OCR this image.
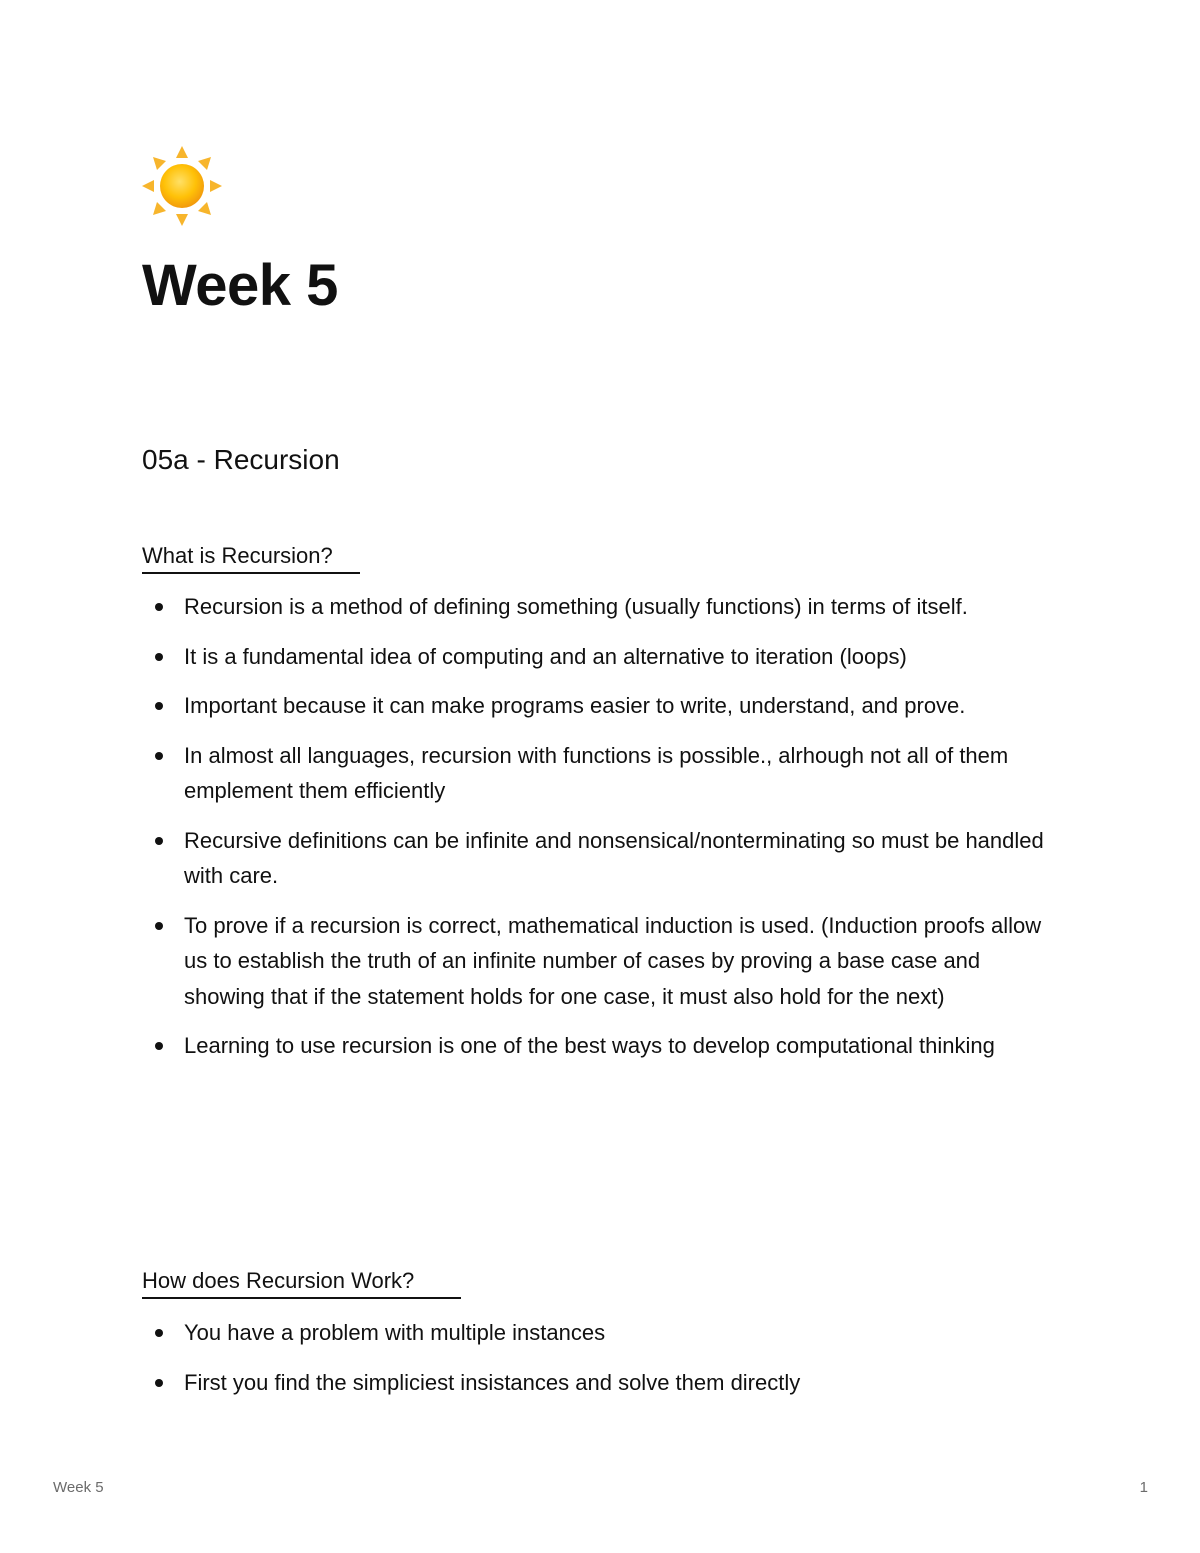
Week 5
05a - Recursion
What is Recursion?
Recursion is a method of defining something (usually functions) in terms of itself.
It is a fundamental idea of computing and an alternative to iteration (loops)
Important because it can make programs easier to write, understand, and prove.
In almost all languages, recursion with functions is possible., alrhough not all of them emplement them efficiently
Recursive definitions can be infinite and nonsensical/nonterminating so must be handled with care.
To prove if a recursion is correct, mathematical induction is used. (Induction proofs allow us to establish the truth of an infinite number of cases by proving a base case and showing that if the statement holds for one case, it must also hold for the next)
Learning to use recursion is one of the best ways to develop computational thinking
How does Recursion Work?
You have a problem with multiple instances
First you find the simpliciest insistances and solve them directly
Week 5	1
